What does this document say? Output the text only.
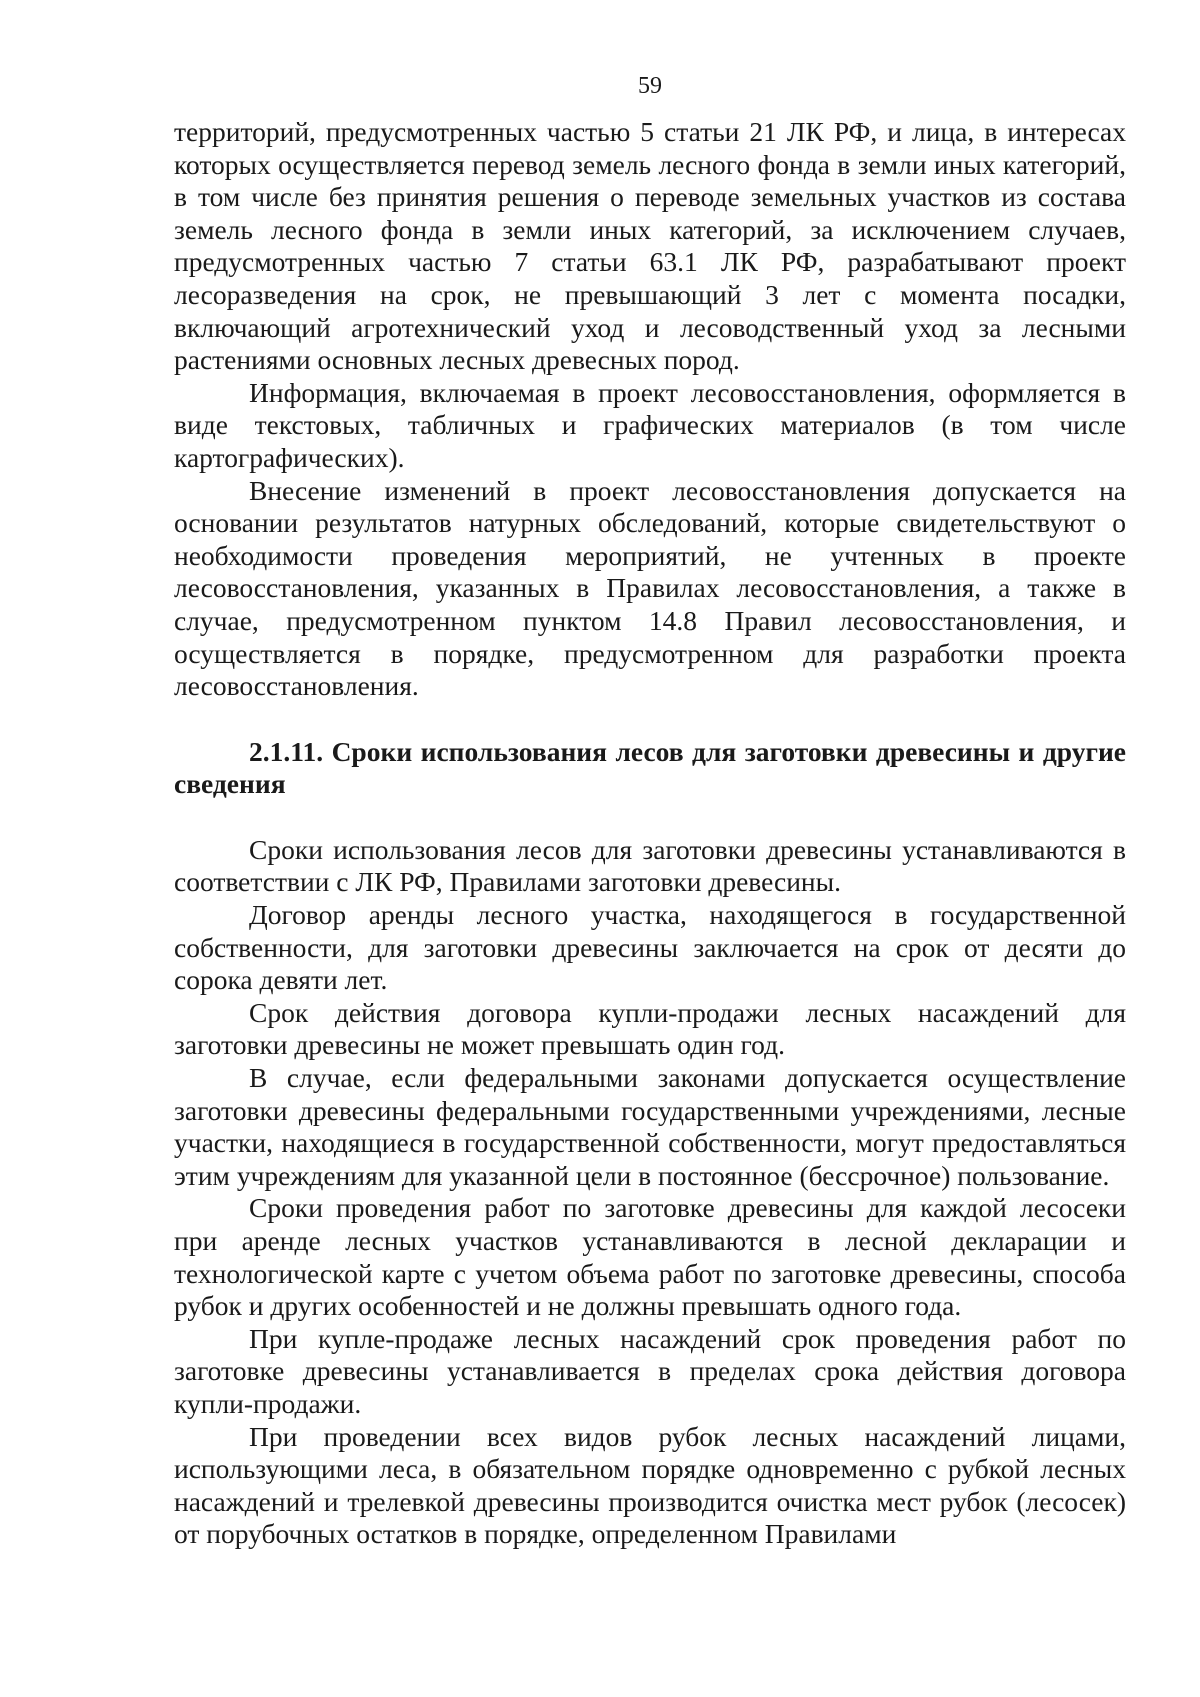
59

территорий, предусмотренных частью 5 статьи 21 ЛК РФ, и лица, в интересах которых осуществляется перевод земель лесного фонда в земли иных категорий, в том числе без принятия решения о переводе земельных участков из состава земель лесного фонда в земли иных категорий, за исключением случаев, предусмотренных частью 7 статьи 63.1 ЛК РФ, разрабатывают проект лесоразведения на срок, не превышающий 3 лет с момента посадки, включающий агротехнический уход и лесоводственный уход за лесными растениями основных лесных древесных пород.

Информация, включаемая в проект лесовосстановления, оформляется в виде текстовых, табличных и графических материалов (в том числе картографических).

Внесение изменений в проект лесовосстановления допускается на основании результатов натурных обследований, которые свидетельствуют о необходимости проведения мероприятий, не учтенных в проекте лесовосстановления, указанных в Правилах лесовосстановления, а также в случае, предусмотренном пунктом 14.8 Правил лесовосстановления, и осуществляется в порядке, предусмотренном для разработки проекта лесовосстановления.

2.1.11. Сроки использования лесов для заготовки древесины и другие сведения

Сроки использования лесов для заготовки древесины устанавливаются в соответствии с ЛК РФ, Правилами заготовки древесины.

Договор аренды лесного участка, находящегося в государственной собственности, для заготовки древесины заключается на срок от десяти до сорока девяти лет.

Срок действия договора купли-продажи лесных насаждений для заготовки древесины не может превышать один год.

В случае, если федеральными законами допускается осуществление заготовки древесины федеральными государственными учреждениями, лесные участки, находящиеся в государственной собственности, могут предоставляться этим учреждениям для указанной цели в постоянное (бессрочное) пользование.

Сроки проведения работ по заготовке древесины для каждой лесосеки при аренде лесных участков устанавливаются в лесной декларации и технологической карте с учетом объема работ по заготовке древесины, способа рубок и других особенностей и не должны превышать одного года.

При купле-продаже лесных насаждений срок проведения работ по заготовке древесины устанавливается в пределах срока действия договора купли-продажи.

При проведении всех видов рубок лесных насаждений лицами, использующими леса, в обязательном порядке одновременно с рубкой лесных насаждений и трелевкой древесины производится очистка мест рубок (лесосек) от порубочных остатков в порядке, определенном Правилами
